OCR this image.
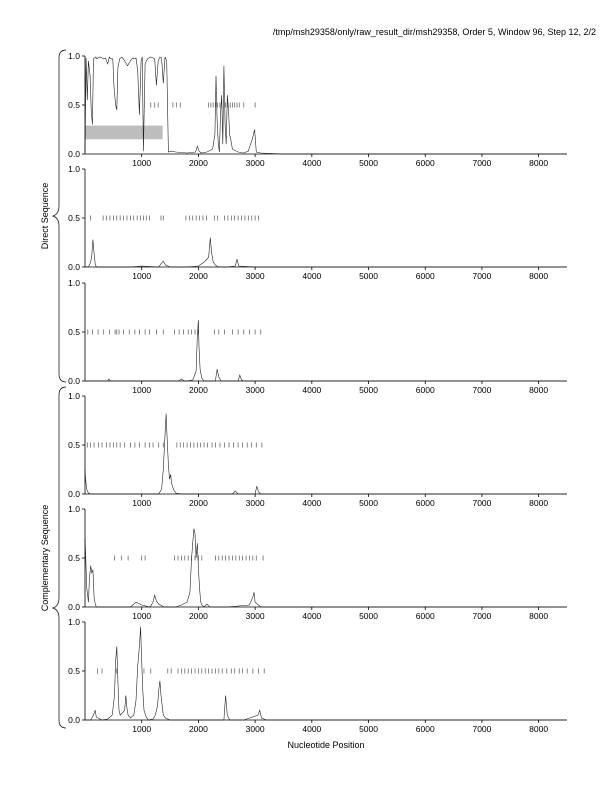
/tmp/msh29358/only/raw_result_dir/msh29358, Order 5, Window 96, Step 12, 2/2
0.0
0.5
1.0
1000	2000	3000	4000	5000	6000	7000	8000
0.0
0.5
1.0
1000	2000	3000	4000	5000	6000	7000	8000
0.0
0.5
1.0
1000	2000	3000	4000	5000	6000	7000	8000
0.0
0.5
1.0
1000	2000	3000	4000	5000	6000	7000	8000
0.0
0.5
1.0
1000	2000	3000	4000	5000	6000	7000	8000
0.0
0.5
1.0
1000	2000	3000	4000	5000	6000	7000	8000
Direct Sequence
Complementary Sequence
Nucleotide Position
